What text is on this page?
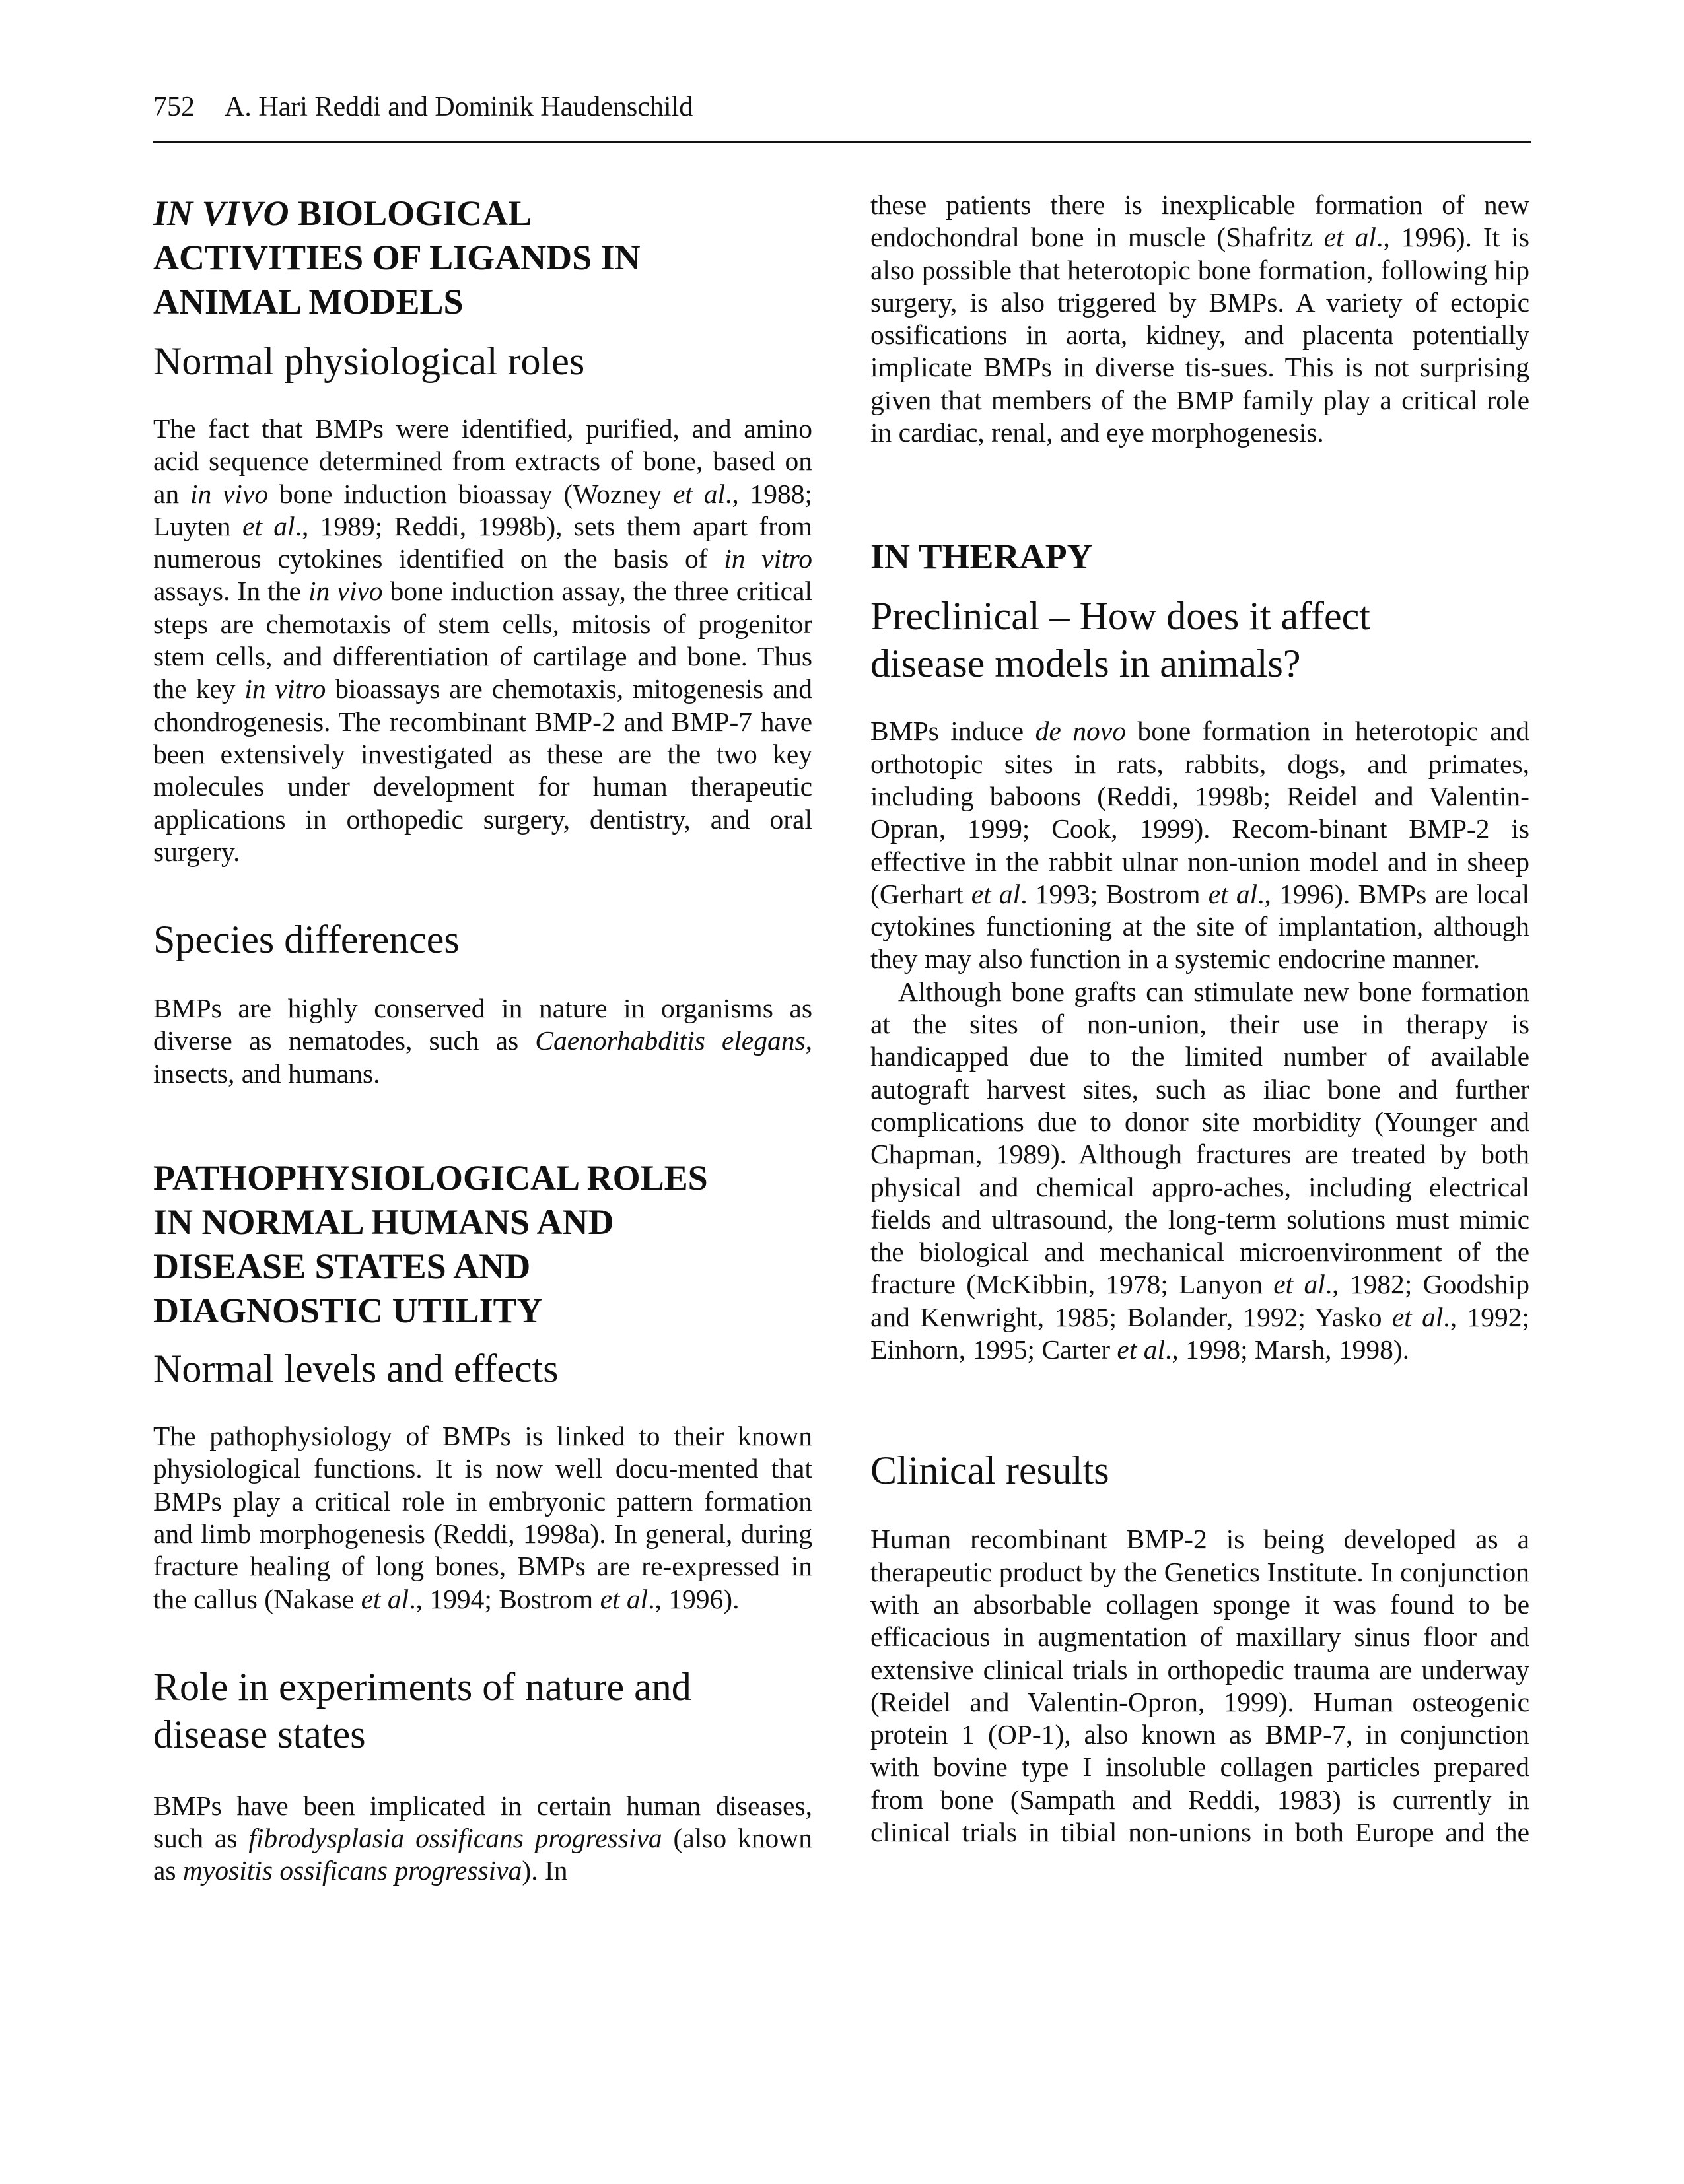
752 A. Hari Reddi and Dominik Haudenschild
IN VIVO BIOLOGICAL
ACTIVITIES OF LIGANDS IN
ANIMAL MODELS
Normal physiological roles

The fact that BMPs were identified, purified, and amino acid sequence determined from extracts of bone, based on an in vivo bone induction bioassay (Wozney et al., 1988; Luyten et al., 1989; Reddi, 1998b), sets them apart from numerous cytokines identified on the basis of in vitro assays. In the in vivo bone induction assay, the three critical steps are chemotaxis of stem cells, mitosis of progenitor stem cells, and differentiation of cartilage and bone. Thus the key in vitro bioassays are chemotaxis, mitogenesis and chondrogenesis. The recombinant BMP-2 and BMP-7 have been extensively investigated as these are the two key molecules under development for human therapeutic applications in orthopedic surgery, dentistry, and oral surgery.

Species differences

BMPs are highly conserved in nature in organisms as diverse as nematodes, such as Caenorhabditis elegans, insects, and humans.

PATHOPHYSIOLOGICAL ROLES
IN NORMAL HUMANS AND
DISEASE STATES AND
DIAGNOSTIC UTILITY
Normal levels and effects

The pathophysiology of BMPs is linked to their known physiological functions. It is now well docu-mented that BMPs play a critical role in embryonic pattern formation and limb morphogenesis (Reddi, 1998a). In general, during fracture healing of long bones, BMPs are re-expressed in the callus (Nakase et al., 1994; Bostrom et al., 1996).

Role in experiments of nature and
disease states

BMPs have been implicated in certain human diseases, such as fibrodysplasia ossificans progressiva (also known as myositis ossificans progressiva). In

these patients there is inexplicable formation of new endochondral bone in muscle (Shafritz et al., 1996). It is also possible that heterotopic bone formation, following hip surgery, is also triggered by BMPs. A variety of ectopic ossifications in aorta, kidney, and placenta potentially implicate BMPs in diverse tis-sues. This is not surprising given that members of the BMP family play a critical role in cardiac, renal, and eye morphogenesis.

IN THERAPY
Preclinical – How does it affect
disease models in animals?

BMPs induce de novo bone formation in heterotopic and orthotopic sites in rats, rabbits, dogs, and primates, including baboons (Reddi, 1998b; Reidel and Valentin-Opran, 1999; Cook, 1999). Recom-binant BMP-2 is effective in the rabbit ulnar non-union model and in sheep (Gerhart et al. 1993; Bostrom et al., 1996). BMPs are local cytokines functioning at the site of implantation, although they may also function in a systemic endocrine manner.

Although bone grafts can stimulate new bone formation at the sites of non-union, their use in therapy is handicapped due to the limited number of available autograft harvest sites, such as iliac bone and further complications due to donor site morbidity (Younger and Chapman, 1989). Although fractures are treated by both physical and chemical appro-aches, including electrical fields and ultrasound, the long-term solutions must mimic the biological and mechanical microenvironment of the fracture (McKibbin, 1978; Lanyon et al., 1982; Goodship and Kenwright, 1985; Bolander, 1992; Yasko et al., 1992; Einhorn, 1995; Carter et al., 1998; Marsh, 1998).

Clinical results

Human recombinant BMP-2 is being developed as a therapeutic product by the Genetics Institute. In conjunction with an absorbable collagen sponge it was found to be efficacious in augmentation of maxillary sinus floor and extensive clinical trials in orthopedic trauma are underway (Reidel and Valentin-Opron, 1999). Human osteogenic protein 1 (OP-1), also known as BMP-7, in conjunction with bovine type I insoluble collagen particles prepared from bone (Sampath and Reddi, 1983) is currently in clinical trials in tibial non-unions in both Europe and the
